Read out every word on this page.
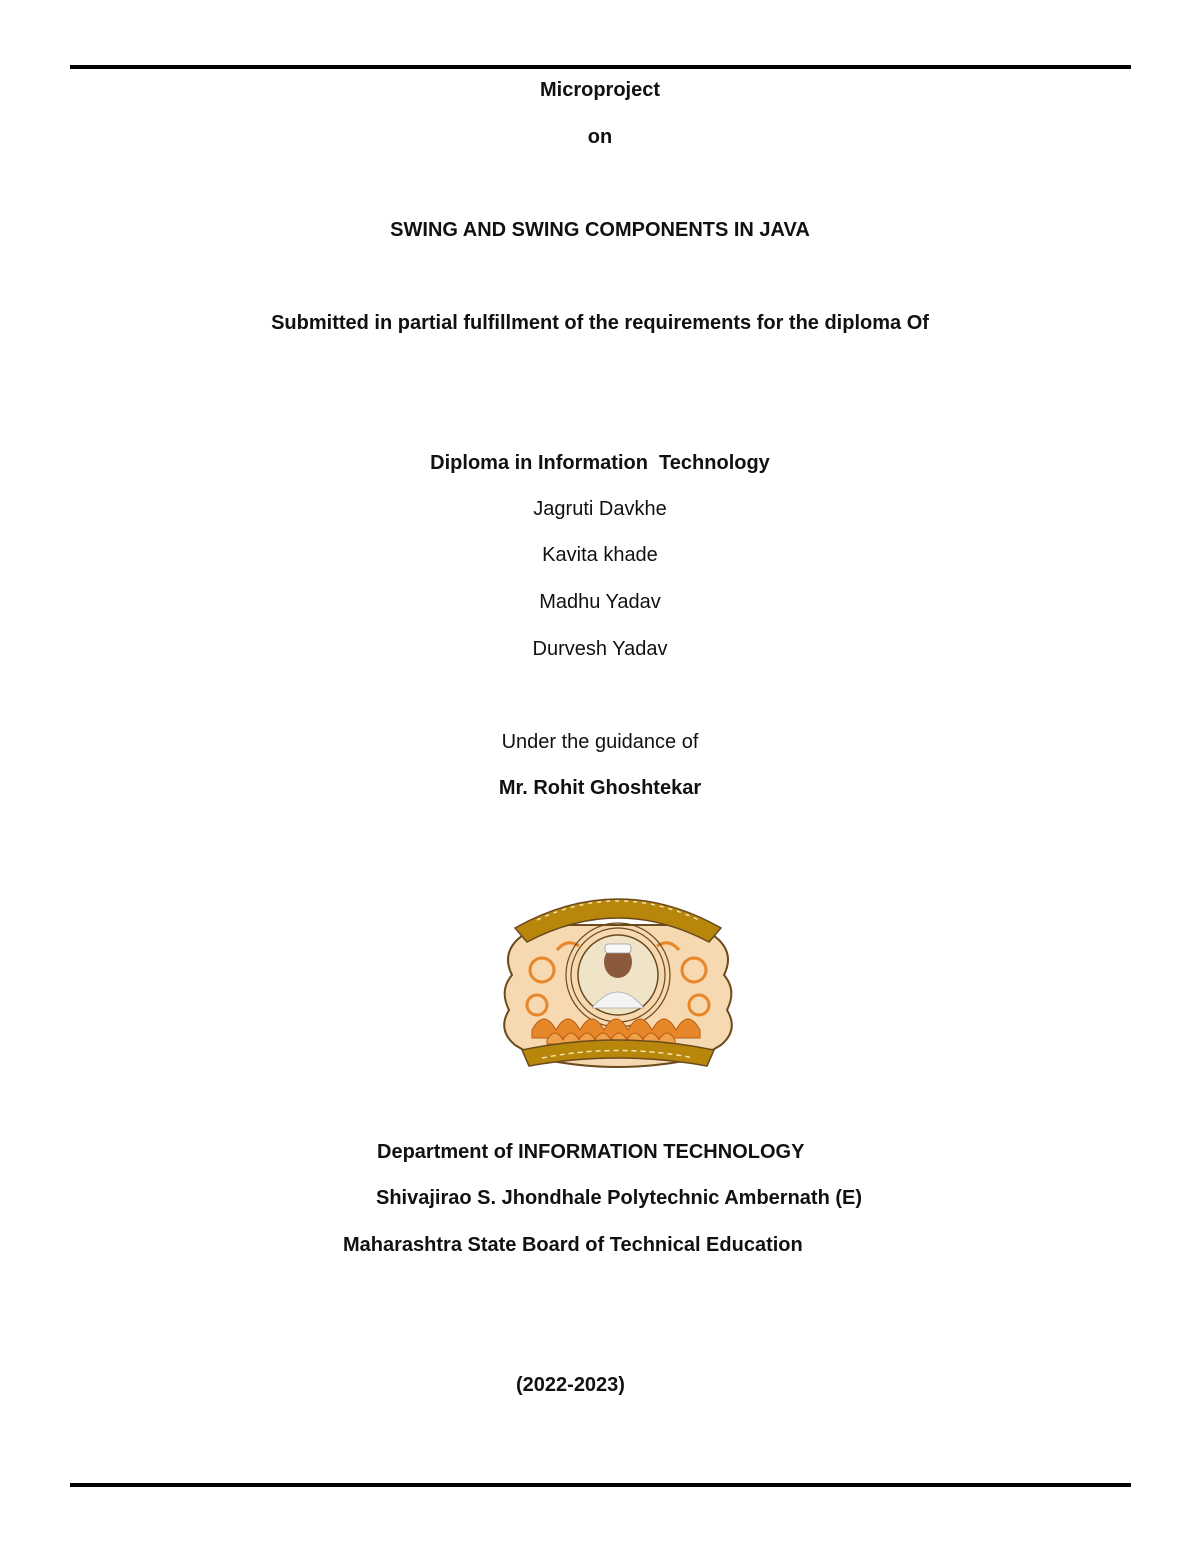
Microproject
on
SWING AND SWING COMPONENTS IN JAVA
Submitted in partial fulfillment of the requirements for the diploma Of
Diploma in Information  Technology
Jagruti Davkhe
Kavita khade
Madhu Yadav
Durvesh Yadav
Under the guidance of
Mr. Rohit Ghoshtekar
Department of INFORMATION TECHNOLOGY
Shivajirao S. Jhondhale Polytechnic Ambernath (E)
Maharashtra State Board of Technical Education
(2022-2023)
